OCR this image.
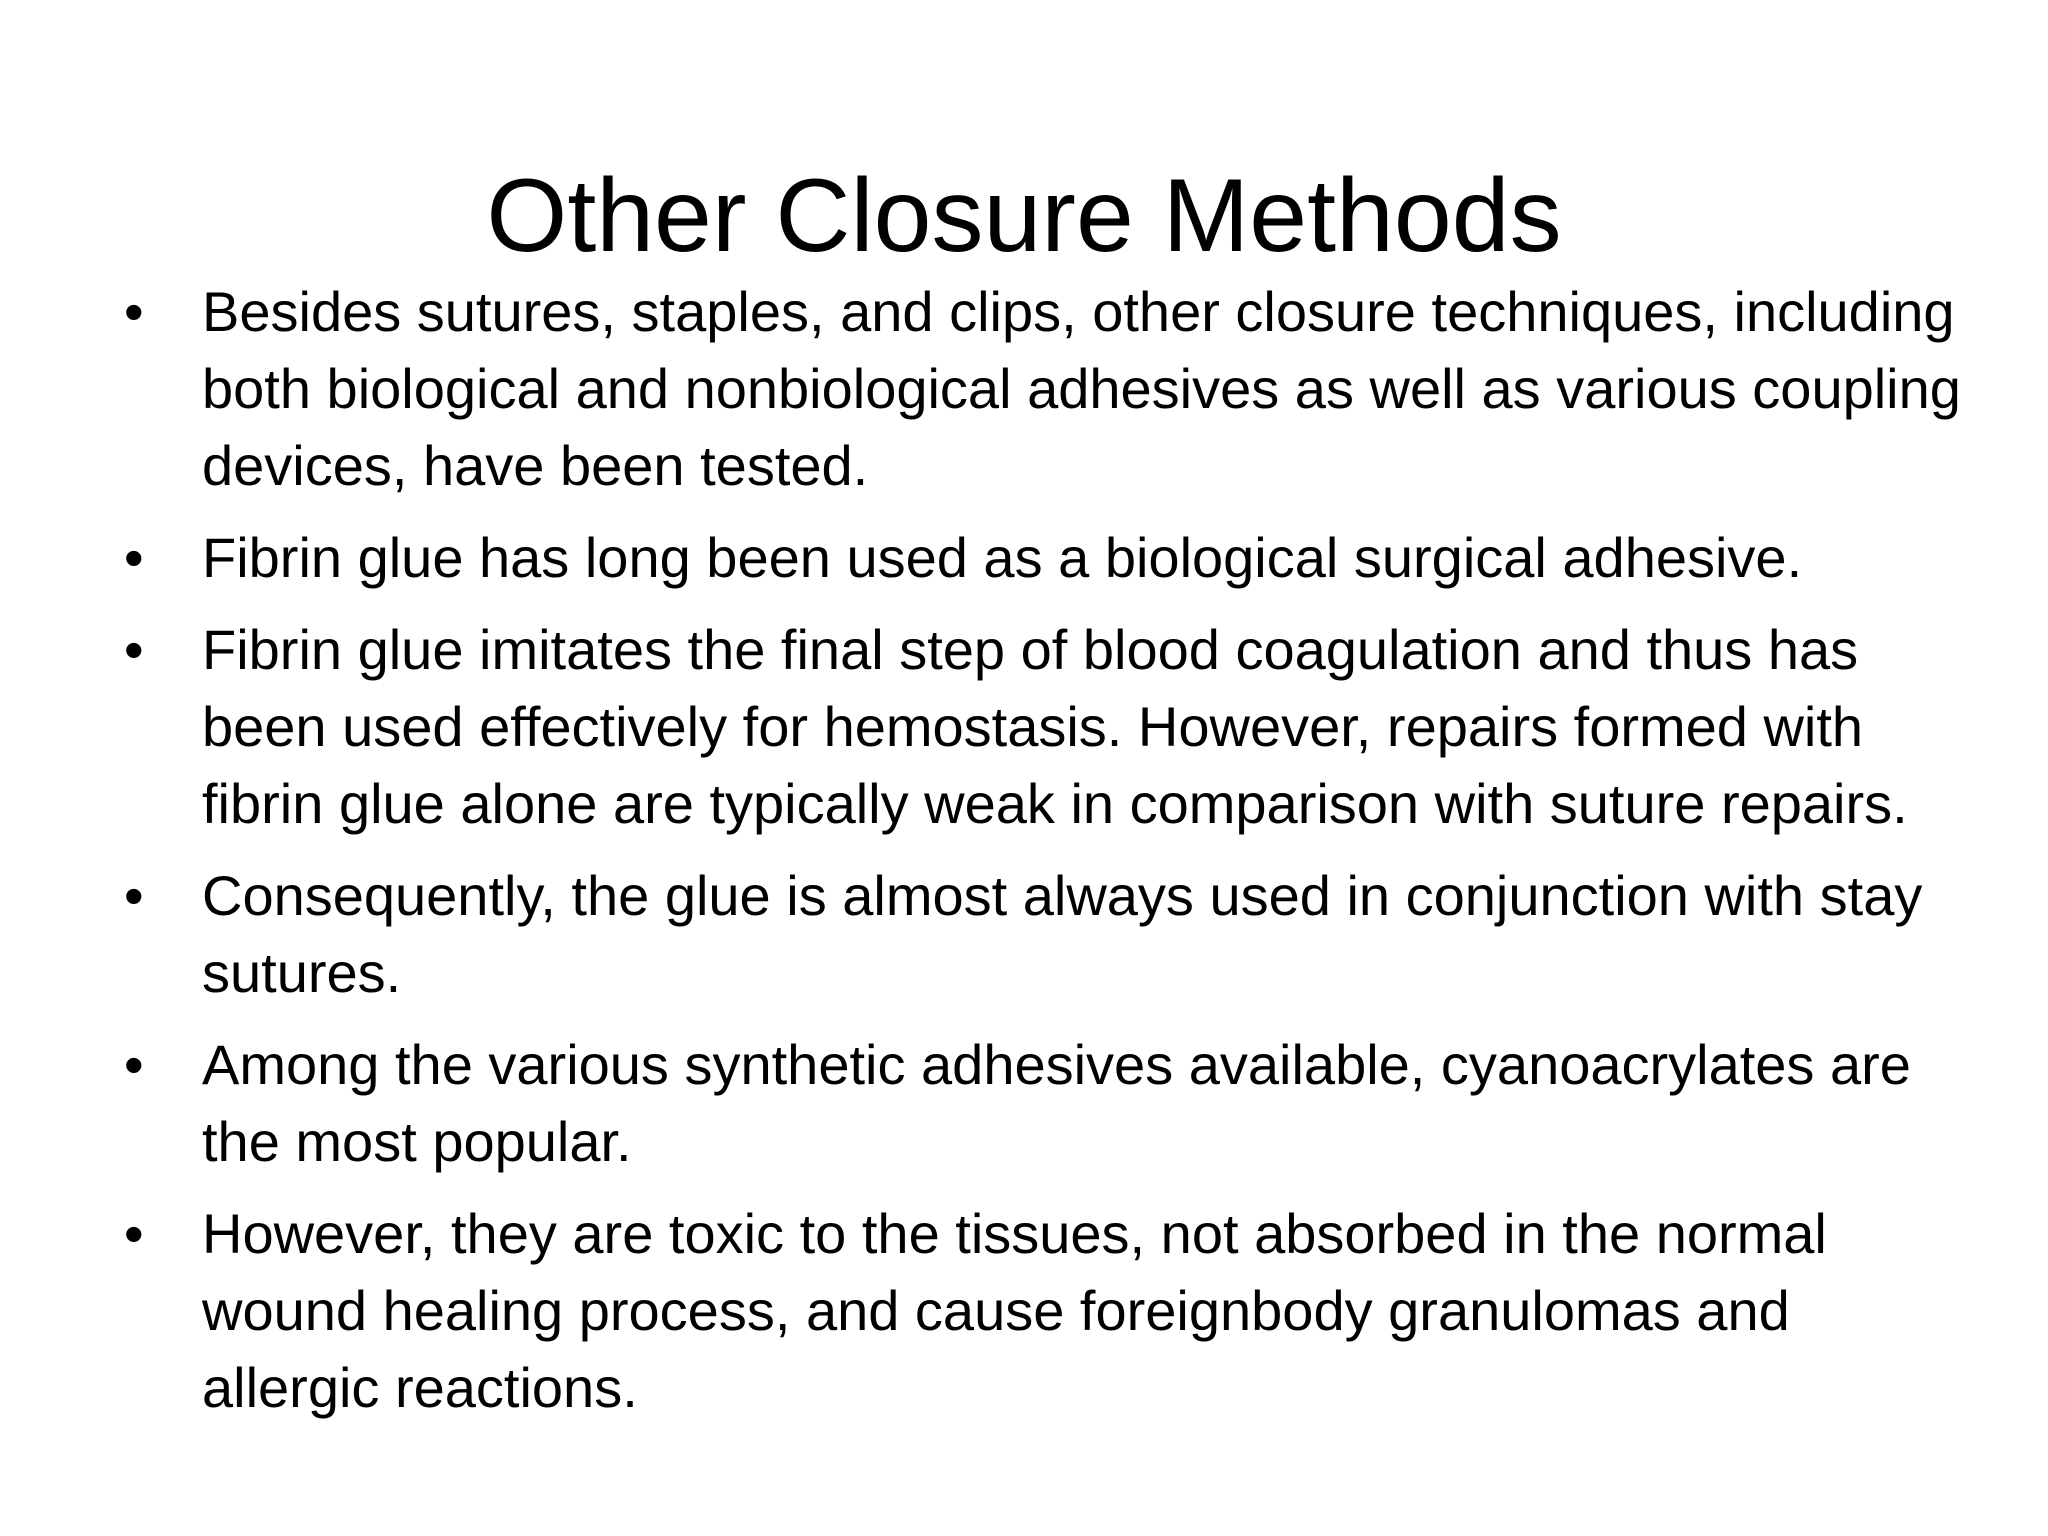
Other Closure Methods
•	Besides sutures, staples, and clips, other closure techniques, including both biological and nonbiological adhesives as well as various coupling devices, have been tested.
•	Fibrin glue has long been used as a biological surgical adhesive.
•	Fibrin glue imitates the final step of blood coagulation and thus has been used effectively for hemostasis. However, repairs formed with fibrin glue alone are typically weak in comparison with suture repairs.
•	Consequently, the glue is almost always used in conjunction with stay sutures.
•	Among the various synthetic adhesives available, cyanoacrylates are the most popular.
•	However, they are toxic to the tissues, not absorbed in the normal wound healing process, and cause foreignbody granulomas and allergic reactions.
